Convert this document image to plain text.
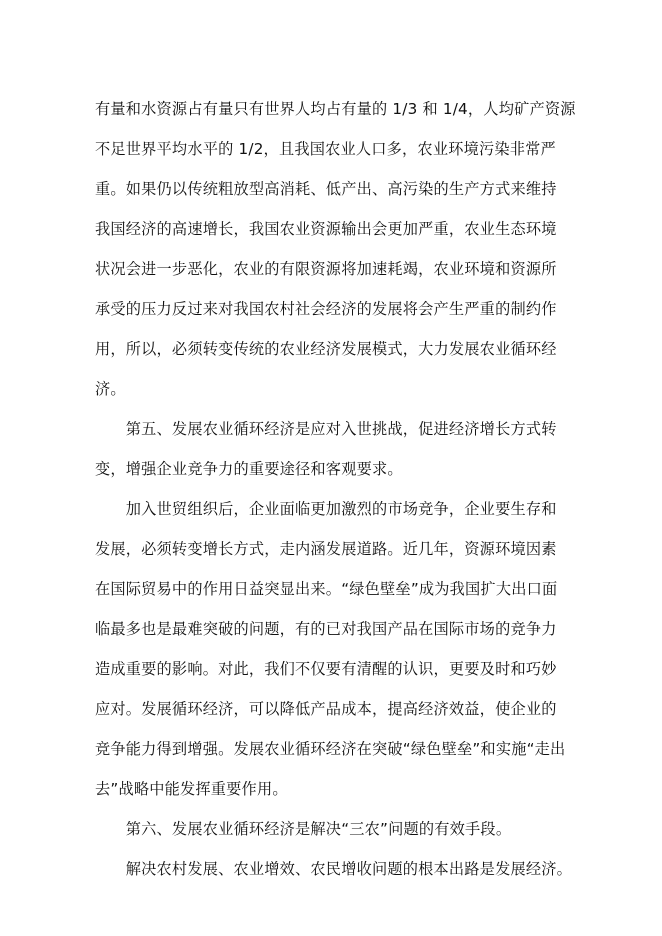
有量和水资源占有量只有世界人均占有量的 1/3 和 1/4，人均矿产资源
不足世界平均水平的 1/2，且我国农业人口多，农业环境污染非常严
重。如果仍以传统粗放型高消耗、低产出、高污染的生产方式来维持
我国经济的高速增长，我国农业资源输出会更加严重，农业生态环境
状况会进一步恶化，农业的有限资源将加速耗竭，农业环境和资源所
承受的压力反过来对我国农村社会经济的发展将会产生严重的制约作
用，所以，必须转变传统的农业经济发展模式，大力发展农业循环经
济。
　　第五、发展农业循环经济是应对入世挑战，促进经济增长方式转
变，增强企业竞争力的重要途径和客观要求。
　　加入世贸组织后，企业面临更加激烈的市场竞争，企业要生存和
发展，必须转变增长方式，走内涵发展道路。近几年，资源环境因素
在国际贸易中的作用日益突显出来。“绿色壁垒”成为我国扩大出口面
临最多也是最难突破的问题，有的已对我国产品在国际市场的竞争力
造成重要的影响。对此，我们不仅要有清醒的认识，更要及时和巧妙
应对。发展循环经济，可以降低产品成本，提高经济效益，使企业的
竞争能力得到增强。发展农业循环经济在突破“绿色壁垒”和实施“走出
去”战略中能发挥重要作用。
　　第六、发展农业循环经济是解决“三农”问题的有效手段。
　　解决农村发展、农业增效、农民增收问题的根本出路是发展经济。
